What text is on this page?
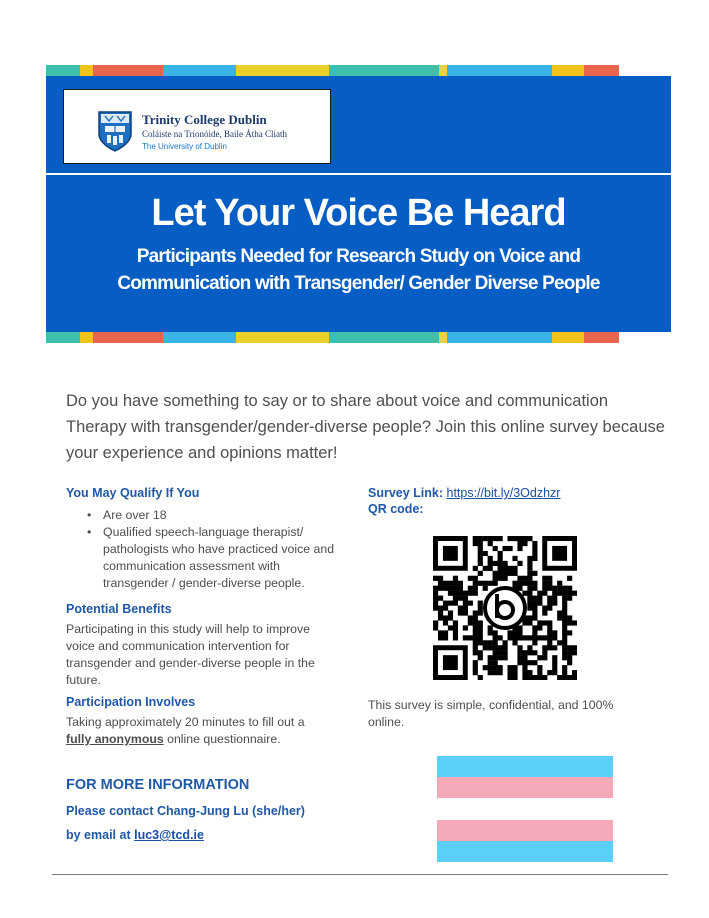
Trinity College Dublin
Coláiste na Tríonóide, Baile Átha Cliath
The University of Dublin
Let Your Voice Be Heard
Participants Needed for Research Study on Voice and
Communication with Transgender/ Gender Diverse People

Do you have something to say or to share about voice and communication Therapy with transgender/gender-diverse people? Join this online survey because your experience and opinions matter!

You May Qualify If You
• Are over 18
• Qualified speech-language therapist/ pathologists who have practiced voice and communication assessment with transgender / gender-diverse people.
Potential Benefits

Participating in this study will help to improve voice and communication intervention for transgender and gender-diverse people in the future.

Participation Involves

Taking approximately 20 minutes to fill out a
fully anonymous online questionnaire.

Survey Link: https://bit.ly/3Odzhzr
QR code:

This survey is simple, confidential, and 100% online.

FOR MORE INFORMATION
Please contact Chang-Jung Lu (she/her)
by email at luc3@tcd.ie
